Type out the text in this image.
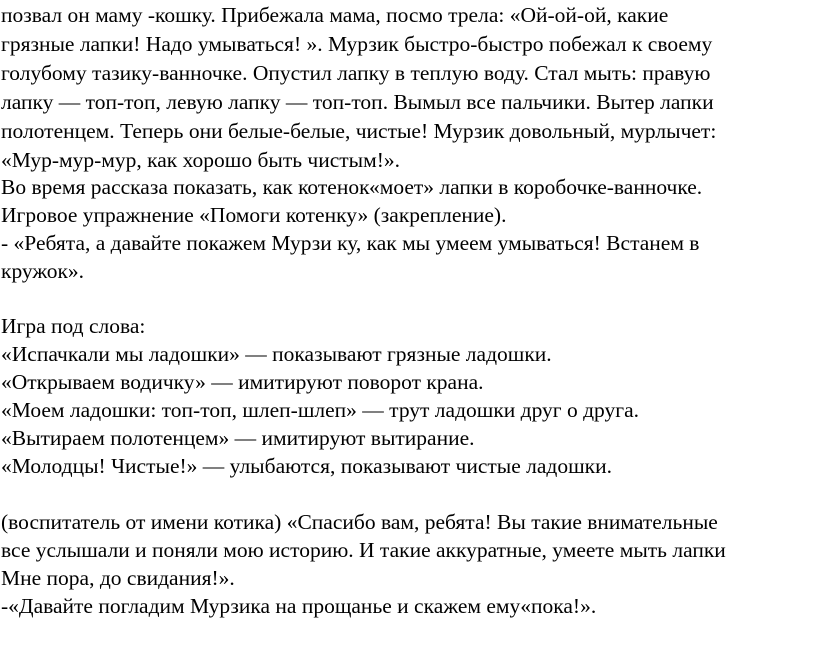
позвал он маму -кошку. Прибежала мама, посмо трела: «Ой-ой-ой, какие
грязные лапки! Надо умываться! ». Мурзик быстро-быстро побежал к своему
голубому тазику-ванночке. Опустил лапку в теплую воду. Стал мыть: правую
лапку — топ-топ, левую лапку — топ-топ. Вымыл все пальчики. Вытер лапки
полотенцем. Теперь они белые-белые, чистые! Мурзик довольный, мурлычет:
«Мур-мур-мур, как хорошо быть чистым!».
Во время рассказа показать, как котенок«моет» лапки в коробочке-ванночке.
Игровое упражнение «Помоги котенку» (закрепление).
- «Ребята, а давайте покажем Мурзи ку, как мы умеем умываться! Встанем в
кружок».
Игра под слова:
«Испачкали мы ладошки» — показывают грязные ладошки.
«Открываем водичку» — имитируют поворот крана.
«Моем ладошки: топ-топ, шлеп-шлеп» — трут ладошки друг о друга.
«Вытираем полотенцем» — имитируют вытирание.
«Молодцы! Чистые!» — улыбаются, показывают чистые ладошки.
(воспитатель от имени котика) «Спасибо вам, ребята! Вы такие внимательные
все услышали и поняли мою историю. И такие аккуратные, умеете мыть лапки
Мне пора, до свидания!».
-«Давайте погладим Мурзика на прощанье и скажем ему«пока!».
